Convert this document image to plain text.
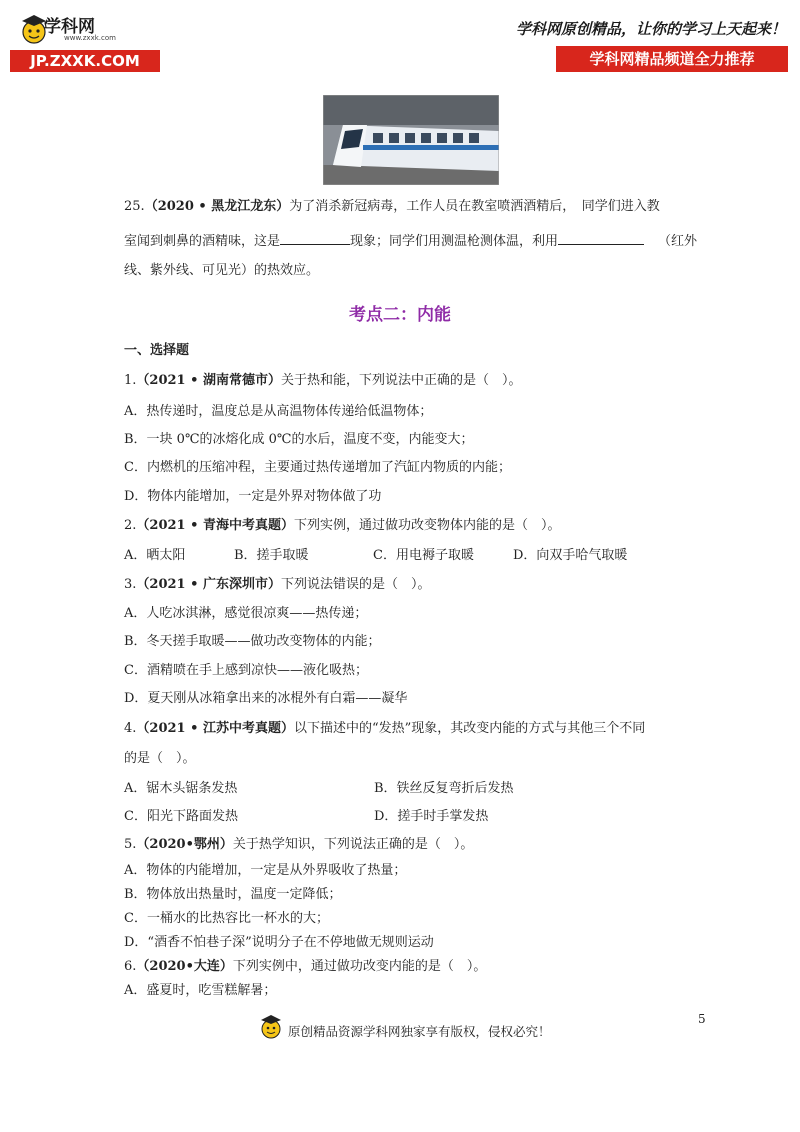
学科网
www.zxxk.com
JP.ZXXK.COM
学科网原创精品，让你的学习上天起来！
学科网精品频道全力推荐
25.（2020 • 黑龙江龙东）为了消杀新冠病毒，工作人员在教室喷洒酒精后，　同学们进入教
室闻到刺鼻的酒精味，这是	现象；同学们用测温枪测体温，利用	（红外
线、紫外线、可见光）的热效应。
考点二：内能
一、选择题
1.（2021 • 湖南常德市）关于热和能，下列说法中正确的是（　）。
A．热传递时，温度总是从高温物体传递给低温物体；
B．一块 0℃的冰熔化成 0℃的水后，温度不变，内能变大；
C．内燃机的压缩冲程，主要通过热传递增加了汽缸内物质的内能；
D．物体内能增加，一定是外界对物体做了功
2.（2021 • 青海中考真题）下列实例，通过做功改变物体内能的是（　）。
A．晒太阳	B．搓手取暖	C．用电褥子取暖	D．向双手哈气取暖
3.（2021 • 广东深圳市）下列说法错误的是（　）。
A．人吃冰淇淋，感觉很凉爽——热传递；
B．冬天搓手取暖——做功改变物体的内能；
C．酒精喷在手上感到凉快——液化吸热；
D．夏天刚从冰箱拿出来的冰棍外有白霜——凝华
4.（2021 • 江苏中考真题）以下描述中的“发热”现象，其改变内能的方式与其他三个不同
的是（　）。
A．锯木头锯条发热	B．铁丝反复弯折后发热
C．阳光下路面发热	D．搓手时手掌发热
5.（2020•鄂州）关于热学知识，下列说法正确的是（　）。
A．物体的内能增加，一定是从外界吸收了热量；
B．物体放出热量时，温度一定降低；
C．一桶水的比热容比一杯水的大；
D．“酒香不怕巷子深”说明分子在不停地做无规则运动
6.（2020•大连）下列实例中，通过做功改变内能的是（　）。
A．盛夏时，吃雪糕解暑；
5
原创精品资源学科网独家享有版权，侵权必究！
